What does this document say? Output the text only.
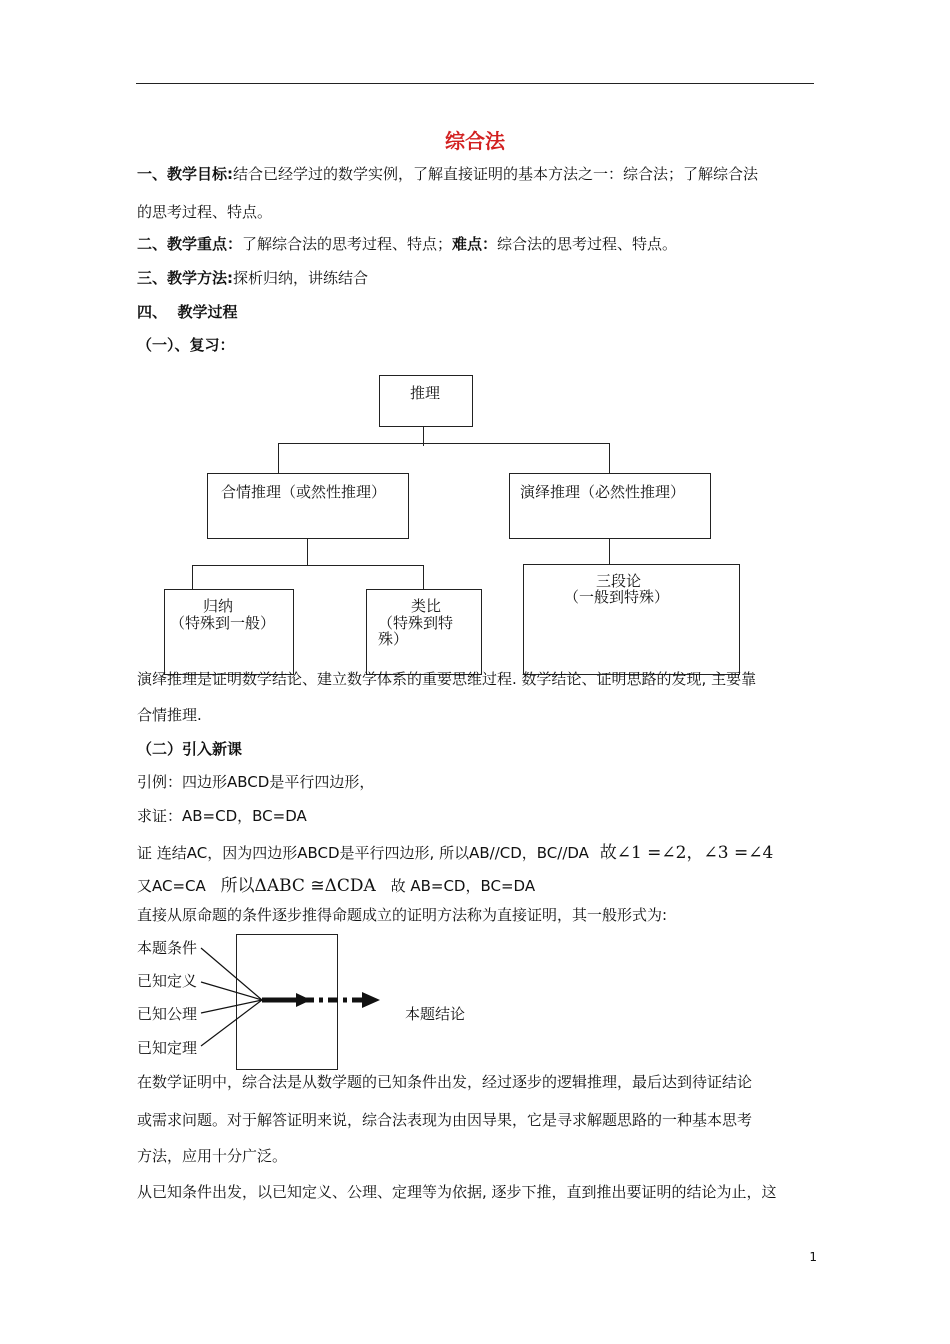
综合法
一、教学目标:结合已经学过的数学实例，了解直接证明的基本方法之一：综合法；了解综合法
的思考过程、特点。
二、教学重点：了解综合法的思考过程、特点；难点：综合法的思考过程、特点。
三、教学方法:探析归纳，讲练结合
四、  教学过程
（一）、复习：
推理
合情推理（或然性推理）	演绎推理（必然性推理）
归纳
（特殊到一般）
类比
（特殊到特
殊）
三段论
（一般到特殊）
演绎推理是证明数学结论、建立数学体系的重要思维过程. 数学结论、证明思路的发现, 主要靠
合情推理.
（二）引入新课
引例：四边形ABCD是平行四边形，
求证：AB=CD，BC=DA
证 连结AC，因为四边形ABCD是平行四边形, 所以AB//CD，BC//DA 故∠1 =∠2，∠3 =∠4
又AC=CA 所以ΔABC ≅ΔCDA 故 AB=CD，BC=DA
直接从原命题的条件逐步推得命题成立的证明方法称为直接证明，其一般形式为:
本题条件
已知定义
已知公理
已知定理
本题结论
在数学证明中，综合法是从数学题的已知条件出发，经过逐步的逻辑推理，最后达到待证结论
或需求问题。对于解答证明来说，综合法表现为由因导果，它是寻求解题思路的一种基本思考
方法，应用十分广泛。
从已知条件出发，以已知定义、公理、定理等为依据, 逐步下推，直到推出要证明的结论为止，这
1
